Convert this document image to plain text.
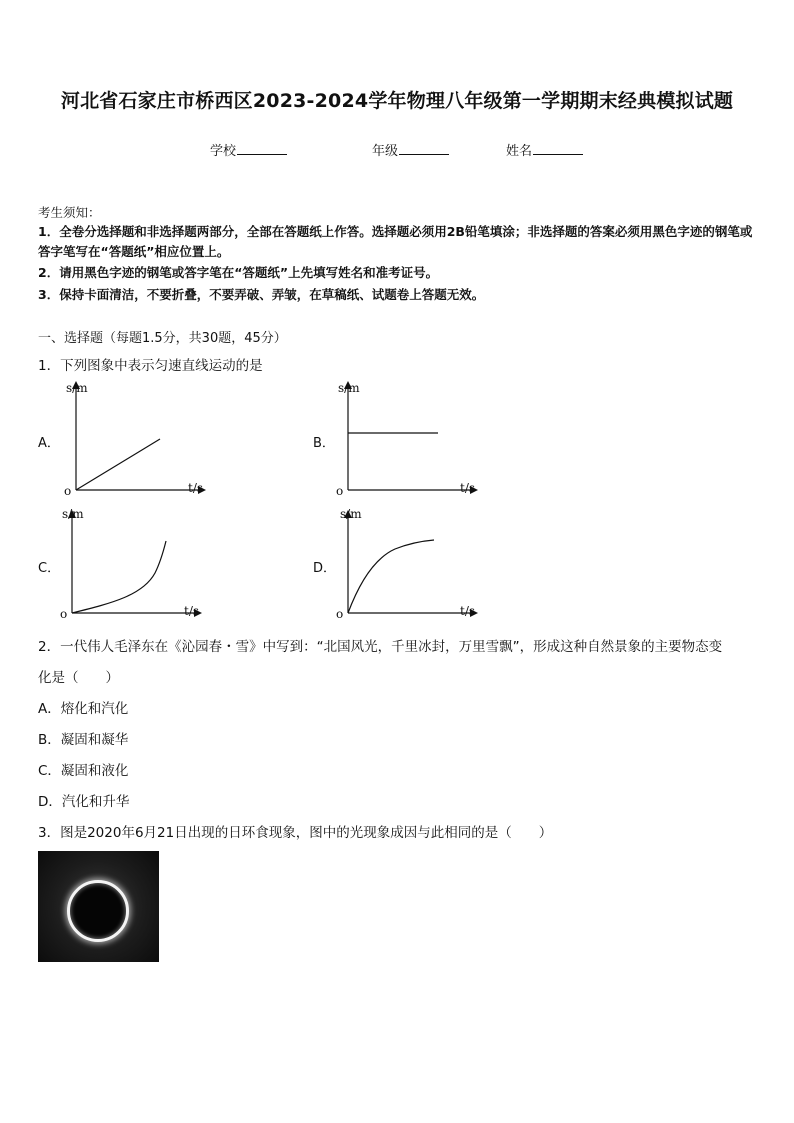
河北省石家庄市桥西区2023-2024学年物理八年级第一学期期末经典模拟试题
学校	年级	姓名
考生须知：
1．全卷分选择题和非选择题两部分，全部在答题纸上作答。选择题必须用2B铅笔填涂；非选择题的答案必须用黑色字迹的钢笔或答字笔写在“答题纸”相应位置上。
2．请用黑色字迹的钢笔或答字笔在“答题纸”上先填写姓名和准考证号。
3．保持卡面清洁，不要折叠，不要弄破、弄皱，在草稿纸、试题卷上答题无效。
一、选择题（每题1.5分，共30题，45分）
1．下列图象中表示匀速直线运动的是
A．
s/m
t/s
o
B．
s/m
t/s
o
C．
s/m
t/s
o
D．
s/m
t/s
o
2．一代伟人毛泽东在《沁园春・雪》中写到：“北国风光，千里冰封，万里雪飘”，形成这种自然景象的主要物态变
化是（　　）
A．熔化和汽化
B．凝固和凝华
C．凝固和液化
D．汽化和升华
3．图是2020年6月21日出现的日环食现象，图中的光现象成因与此相同的是（　　）
